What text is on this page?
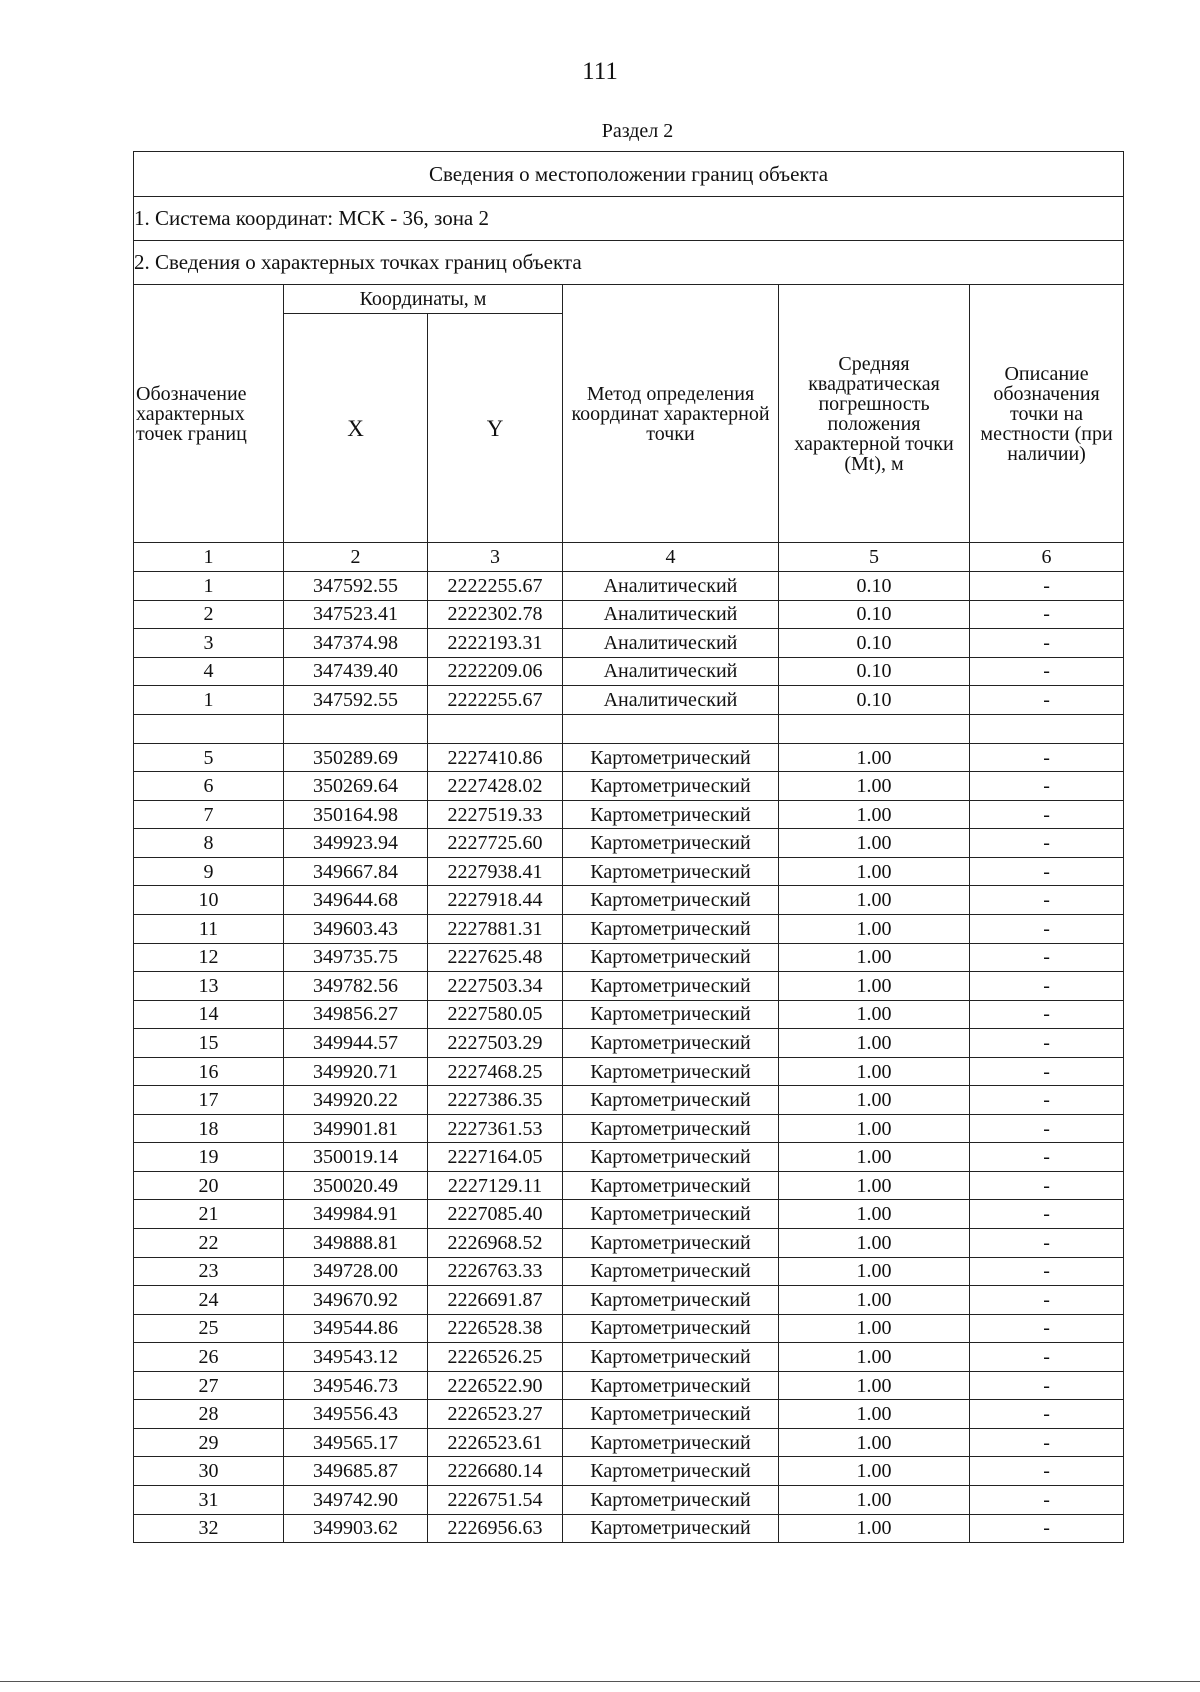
111
Раздел 2
Сведения о местоположении границ объекта					
1. Система координат: МСК - 36, зона 2					
2. Сведения о характерных точках границ объекта					
Обозначение характерных точек границ	Координаты, м		Метод определения координат характерной точки	Средняя квадратическая погрешность положения характерной точки (Mt), м	Описание обозначения точки на местности (при наличии)
	X	Y			
1	2	3	4	5	6
1	347592.55	2222255.67	Аналитический	0.10	-
2	347523.41	2222302.78	Аналитический	0.10	-
3	347374.98	2222193.31	Аналитический	0.10	-
4	347439.40	2222209.06	Аналитический	0.10	-
1	347592.55	2222255.67	Аналитический	0.10	-

5	350289.69	2227410.86	Картометрический	1.00	-
6	350269.64	2227428.02	Картометрический	1.00	-
7	350164.98	2227519.33	Картометрический	1.00	-
8	349923.94	2227725.60	Картометрический	1.00	-
9	349667.84	2227938.41	Картометрический	1.00	-
10	349644.68	2227918.44	Картометрический	1.00	-
11	349603.43	2227881.31	Картометрический	1.00	-
12	349735.75	2227625.48	Картометрический	1.00	-
13	349782.56	2227503.34	Картометрический	1.00	-
14	349856.27	2227580.05	Картометрический	1.00	-
15	349944.57	2227503.29	Картометрический	1.00	-
16	349920.71	2227468.25	Картометрический	1.00	-
17	349920.22	2227386.35	Картометрический	1.00	-
18	349901.81	2227361.53	Картометрический	1.00	-
19	350019.14	2227164.05	Картометрический	1.00	-
20	350020.49	2227129.11	Картометрический	1.00	-
21	349984.91	2227085.40	Картометрический	1.00	-
22	349888.81	2226968.52	Картометрический	1.00	-
23	349728.00	2226763.33	Картометрический	1.00	-
24	349670.92	2226691.87	Картометрический	1.00	-
25	349544.86	2226528.38	Картометрический	1.00	-
26	349543.12	2226526.25	Картометрический	1.00	-
27	349546.73	2226522.90	Картометрический	1.00	-
28	349556.43	2226523.27	Картометрический	1.00	-
29	349565.17	2226523.61	Картометрический	1.00	-
30	349685.87	2226680.14	Картометрический	1.00	-
31	349742.90	2226751.54	Картометрический	1.00	-
32	349903.62	2226956.63	Картометрический	1.00	-
